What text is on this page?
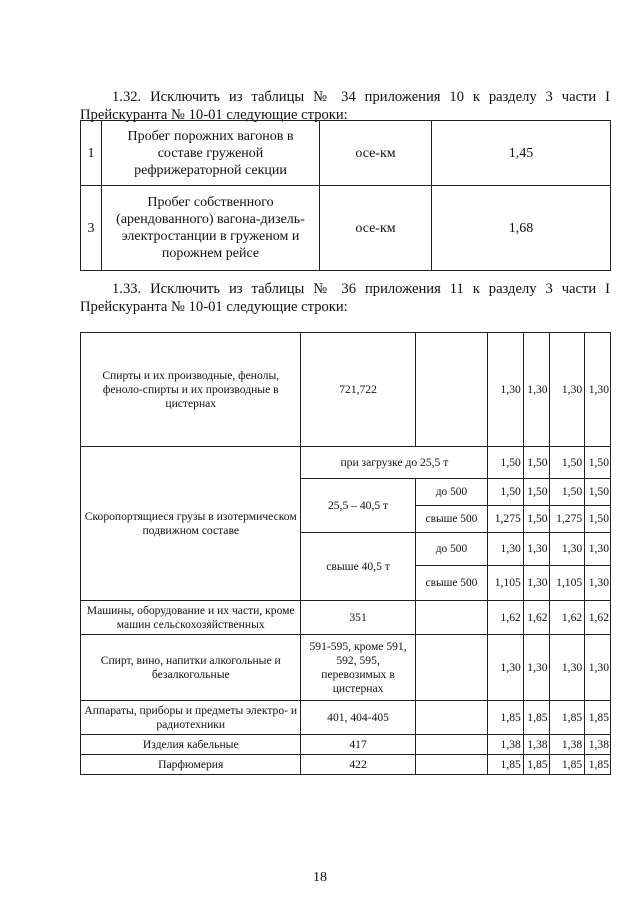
1.32. Исключить из таблицы № 34 приложения 10 к разделу 3 части I Прейскуранта № 10-01 следующие строки:
1	Пробег порожних вагонов в составе груженой рефрижераторной секции	осе-км	1,45
3	Пробег собственного (арендованного) вагона-дизель-электростанции в груженом и порожнем рейсе	осе-км	1,68
1.33. Исключить из таблицы № 36 приложения 11 к разделу 3 части I Прейскуранта № 10-01 следующие строки:
Спирты и их производные, фенолы, феноло-спирты и их производные в цистернах	721,722		1,30	1,30	1,30	1,30
Скоропортящиеся грузы в изотермическом подвижном составе	при загрузке до 25,5 т		1,50	1,50	1,50	1,50
	25,5 – 40,5 т	до 500	1,50	1,50	1,50	1,50
		свыше 500	1,275	1,50	1,275	1,50
	свыше 40,5 т	до 500	1,30	1,30	1,30	1,30
		свыше 500	1,105	1,30	1,105	1,30
Машины, оборудование и их части, кроме машин сельскохозяйственных	351		1,62	1,62	1,62	1,62
Спирт, вино, напитки алкогольные и безалкогольные	591-595, кроме 591, 592, 595, перевозимых в цистернах		1,30	1,30	1,30	1,30
Аппараты, приборы и предметы электро- и радиотехники	401, 404-405		1,85	1,85	1,85	1,85
Изделия кабельные	417		1,38	1,38	1,38	1,38
Парфюмерия	422		1,85	1,85	1,85	1,85
18
